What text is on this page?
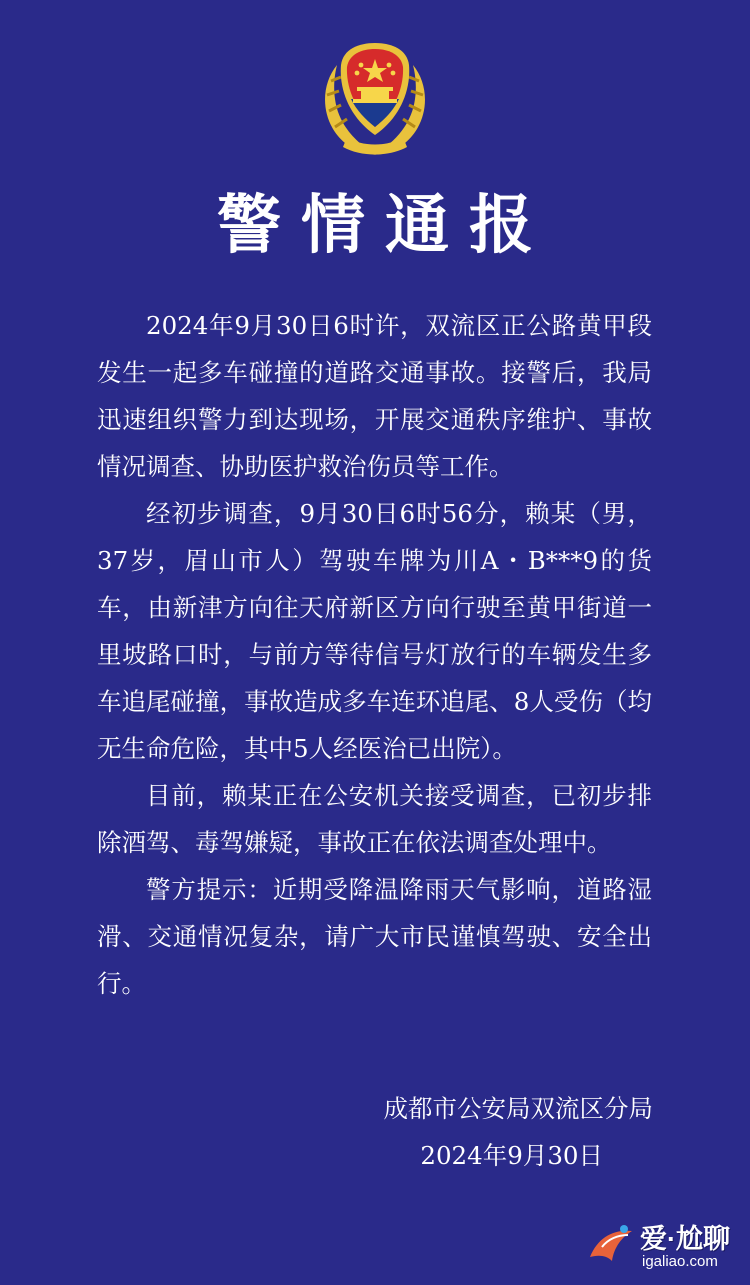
警情通报

2024年9月30日6时许，双流区正公路黄甲段发生一起多车碰撞的道路交通事故。接警后，我局迅速组织警力到达现场，开展交通秩序维护、事故情况调查、协助医护救治伤员等工作。

经初步调查，9月30日6时56分，赖某（男，37岁，眉山市人）驾驶车牌为川A・B***9的货车，由新津方向往天府新区方向行驶至黄甲街道一里坡路口时，与前方等待信号灯放行的车辆发生多车追尾碰撞，事故造成多车连环追尾、8人受伤（均无生命危险，其中5人经医治已出院）。

目前，赖某正在公安机关接受调查，已初步排除酒驾、毒驾嫌疑，事故正在依法调查处理中。

警方提示：近期受降温降雨天气影响，道路湿滑、交通情况复杂，请广大市民谨慎驾驶、安全出行。

成都市公安局双流区分局
2024年9月30日
爱·尬聊
igaliao.com
